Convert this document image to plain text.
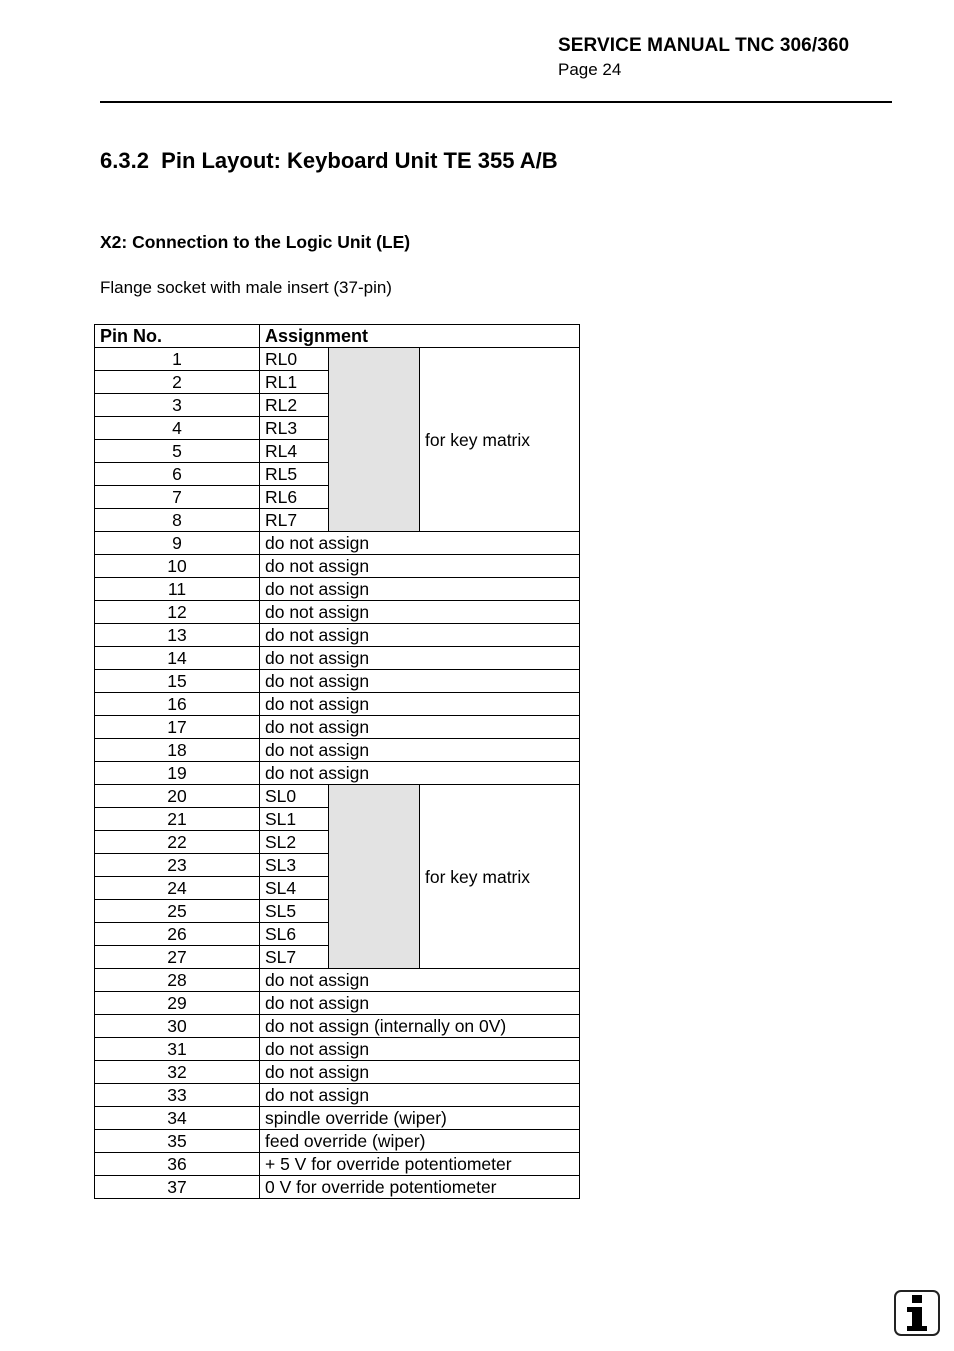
SERVICE MANUAL TNC 306/360
Page 24
6.3.2  Pin Layout: Keyboard Unit TE 355 A/B
X2: Connection to the Logic Unit (LE)
Flange socket with male insert (37-pin)
Pin No.	Assignment		
1	RL0		for key matrix
2	RL1		
3	RL2		
4	RL3		
5	RL4		
6	RL5		
7	RL6		
8	RL7		
9	do not assign		
10	do not assign		
11	do not assign		
12	do not assign		
13	do not assign		
14	do not assign		
15	do not assign		
16	do not assign		
17	do not assign		
18	do not assign		
19	do not assign		
20	SL0		for key matrix
21	SL1		
22	SL2		
23	SL3		
24	SL4		
25	SL5		
26	SL6		
27	SL7		
28	do not assign		
29	do not assign		
30	do not assign (internally on 0V)		
31	do not assign		
32	do not assign		
33	do not assign		
34	spindle override (wiper)		
35	feed override (wiper)		
36	+ 5 V for override potentiometer		
37	0 V for override potentiometer		
